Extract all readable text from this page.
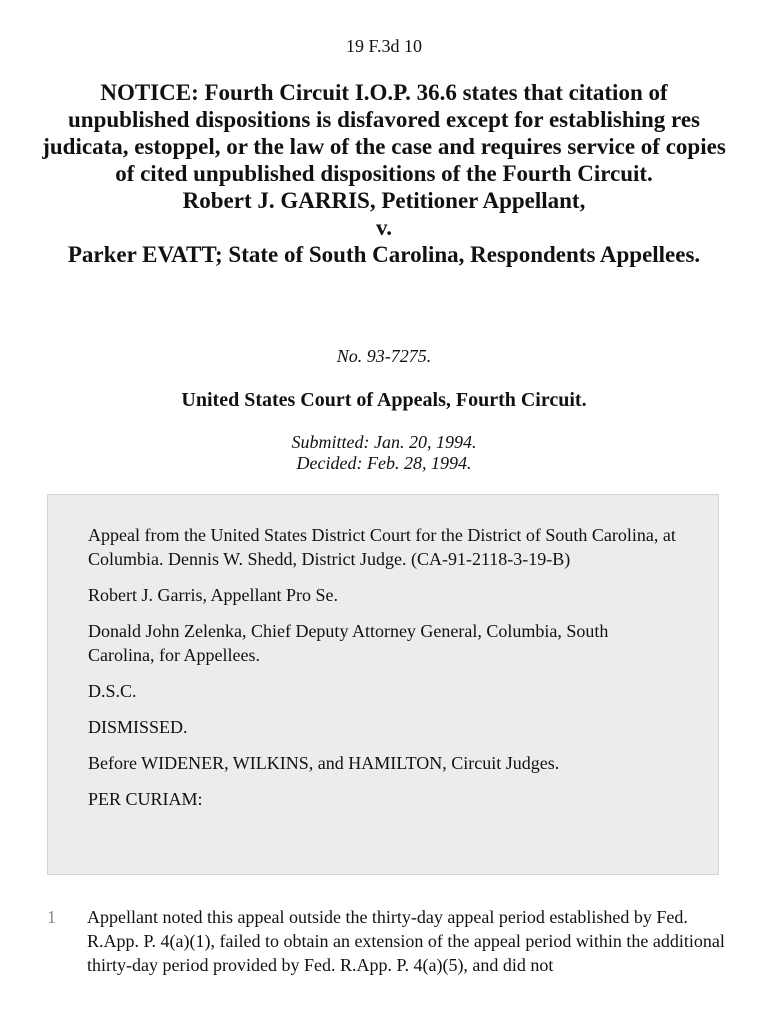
19 F.3d 10
NOTICE: Fourth Circuit I.O.P. 36.6 states that citation of unpublished dispositions is disfavored except for establishing res judicata, estoppel, or the law of the case and requires service of copies of cited unpublished dispositions of the Fourth Circuit.
Robert J. GARRIS, Petitioner Appellant,
v.
Parker EVATT; State of South Carolina, Respondents Appellees.
No. 93-7275.
United States Court of Appeals, Fourth Circuit.
Submitted: Jan. 20, 1994.
Decided: Feb. 28, 1994.

Appeal from the United States District Court for the District of South Carolina, at Columbia. Dennis W. Shedd, District Judge. (CA-91-2118-3-19-B)

Robert J. Garris, Appellant Pro Se.

Donald John Zelenka, Chief Deputy Attorney General, Columbia, South Carolina, for Appellees.

D.S.C.

DISMISSED.

Before WIDENER, WILKINS, and HAMILTON, Circuit Judges.

PER CURIAM:

1 Appellant noted this appeal outside the thirty-day appeal period established by Fed. R.App. P. 4(a)(1), failed to obtain an extension of the appeal period within the additional thirty-day period provided by Fed. R.App. P. 4(a)(5), and did not
